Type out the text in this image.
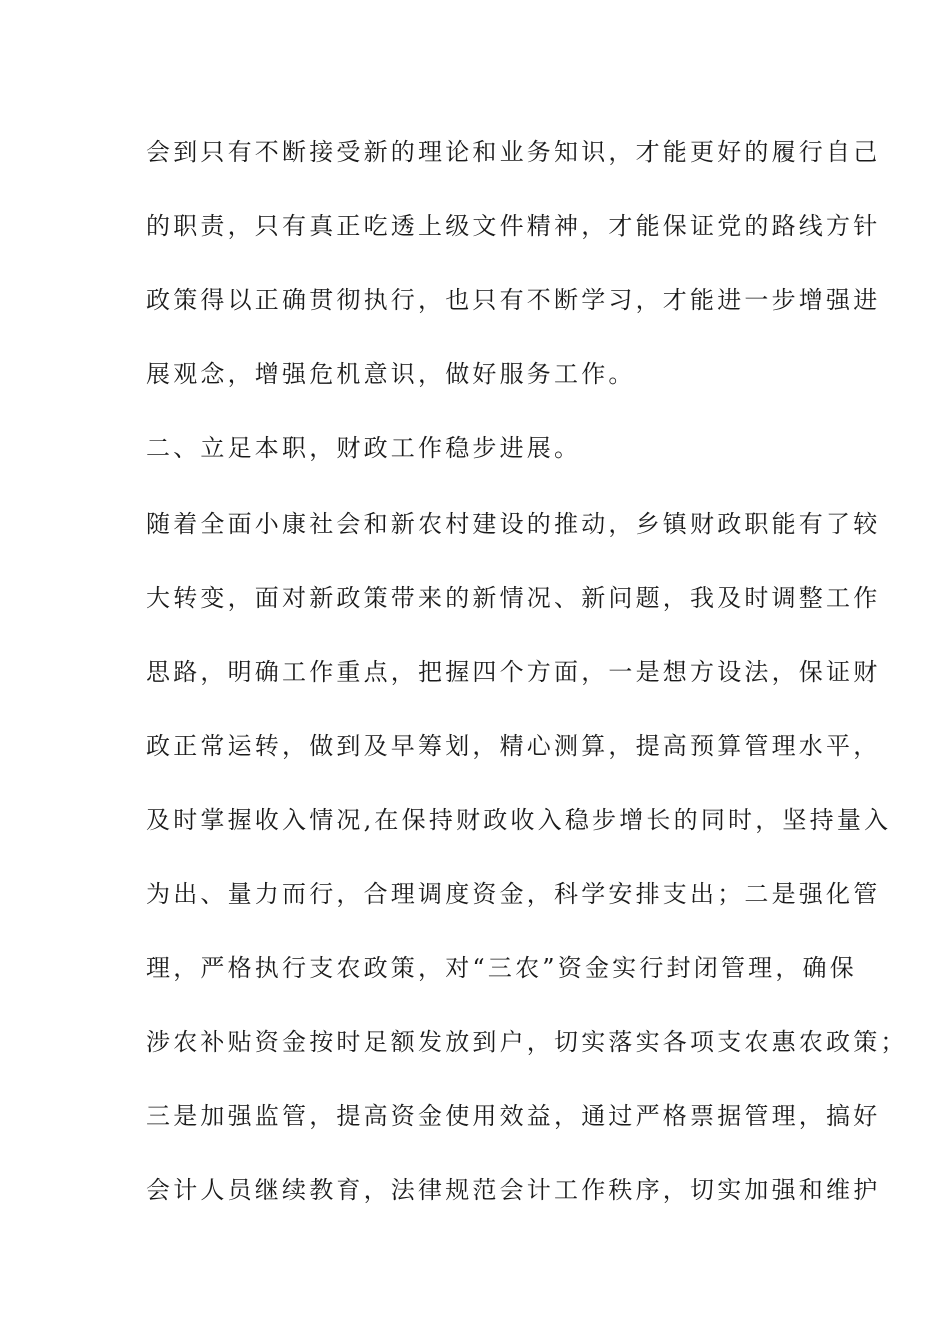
会到只有不断接受新的理论和业务知识，才能更好的履行自己
的职责，只有真正吃透上级文件精神，才能保证党的路线方针
政策得以正确贯彻执行，也只有不断学习，才能进一步增强进
展观念，增强危机意识，做好服务工作。
二、立足本职，财政工作稳步进展。
随着全面小康社会和新农村建设的推动，乡镇财政职能有了较
大转变，面对新政策带来的新情况、新问题，我及时调整工作
思路，明确工作重点，把握四个方面，一是想方设法，保证财
政正常运转，做到及早筹划，精心测算，提高预算管理水平，
及时掌握收入情况,在保持财政收入稳步增长的同时，坚持量入
为出、量力而行，合理调度资金，科学安排支出；二是强化管
理，严格执行支农政策，对“三农”资金实行封闭管理，确保
涉农补贴资金按时足额发放到户，切实落实各项支农惠农政策；
三是加强监管，提高资金使用效益，通过严格票据管理，搞好
会计人员继续教育，法律规范会计工作秩序，切实加强和维护
